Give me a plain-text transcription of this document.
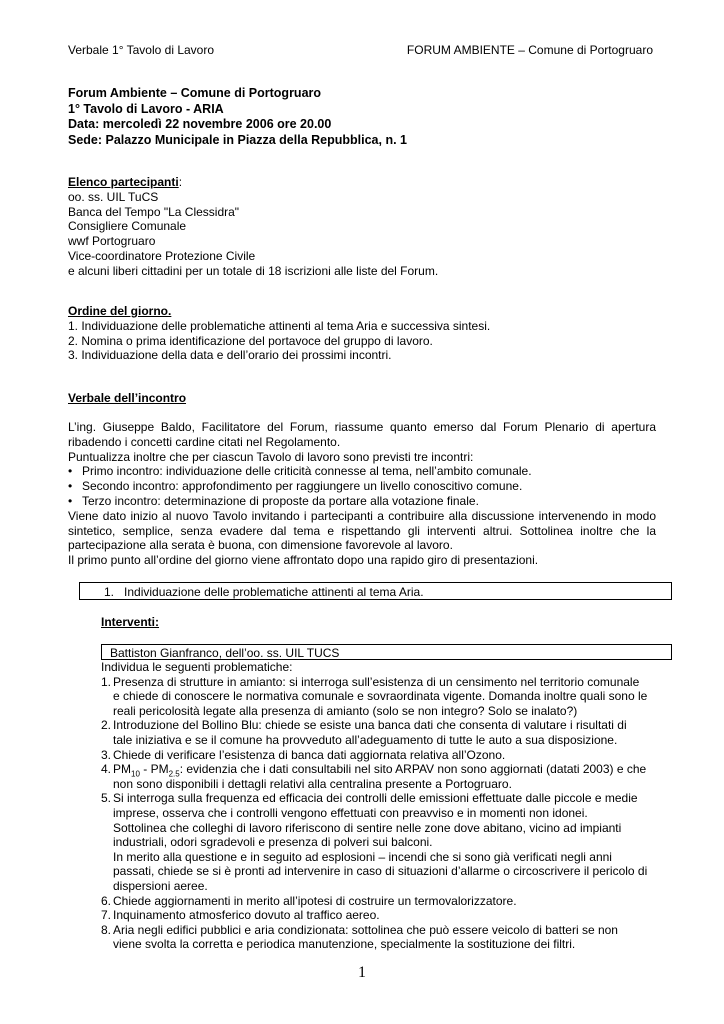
Verbale 1° Tavolo di Lavoro	FORUM AMBIENTE – Comune di Portogruaro
Forum Ambiente – Comune di Portogruaro
1° Tavolo di Lavoro - ARIA
Data: mercoledì 22 novembre 2006 ore 20.00
Sede: Palazzo Municipale in Piazza della Repubblica, n. 1
Elenco partecipanti:
oo. ss. UIL TuCS
Banca del Tempo "La Clessidra"
Consigliere Comunale
wwf Portogruaro
Vice-coordinatore Protezione Civile
e alcuni liberi cittadini per un totale di 18 iscrizioni alle liste del Forum.
Ordine del giorno.
1. Individuazione delle problematiche attinenti al tema Aria e successiva sintesi.
2. Nomina o prima identificazione del portavoce del gruppo di lavoro.
3. Individuazione della data e dell’orario dei prossimi incontri.
Verbale dell’incontro
L’ing. Giuseppe Baldo, Facilitatore del Forum, riassume quanto emerso dal Forum Plenario di apertura
ribadendo i concetti cardine citati nel Regolamento.
Puntualizza inoltre che per ciascun Tavolo di lavoro sono previsti tre incontri:
• Primo incontro: individuazione delle criticità connesse al tema, nell’ambito comunale.
• Secondo incontro: approfondimento per raggiungere un livello conoscitivo comune.
• Terzo incontro: determinazione di proposte da portare alla votazione finale.
Viene dato inizio al nuovo Tavolo invitando i partecipanti a contribuire alla discussione intervenendo in modo
sintetico, semplice, senza evadere dal tema e rispettando gli interventi altrui. Sottolinea inoltre che la
partecipazione alla serata è buona, con dimensione favorevole al lavoro.
Il primo punto all’ordine del giorno viene affrontato dopo una rapido giro di presentazioni.
1.   Individuazione delle problematiche attinenti al tema Aria.
Interventi:
Battiston Gianfranco, dell’oo. ss. UIL TUCS
Individua le seguenti problematiche:
1. Presenza di strutture in amianto: si interroga sull’esistenza di un censimento nel territorio comunale
e chiede di conoscere le normativa comunale e sovraordinata vigente. Domanda inoltre quali sono le
reali pericolosità legate alla presenza di amianto (solo se non integro? Solo se inalato?)
2. Introduzione del Bollino Blu: chiede se esiste una banca dati che consenta di valutare i risultati di
tale iniziativa e se il comune ha provveduto all’adeguamento di tutte le auto a sua disposizione.
3. Chiede di verificare l’esistenza di banca dati aggiornata relativa all’Ozono.
4. $PM_{10} - PM_{2.5}$: evidenzia che i dati consultabili nel sito ARPAV non sono aggiornati (datati 2003) e che
non sono disponibili i dettagli relativi alla centralina presente a Portogruaro.
5. Si interroga sulla frequenza ed efficacia dei controlli delle emissioni effettuate dalle piccole e medie
imprese, osserva che i controlli vengono effettuati con preavviso e in momenti non idonei.
Sottolinea che colleghi di lavoro riferiscono di sentire nelle zone dove abitano, vicino ad impianti
industriali, odori sgradevoli e presenza di polveri sui balconi.
In merito alla questione e in seguito ad esplosioni – incendi che si sono già verificati negli anni
passati, chiede se si è pronti ad intervenire in caso di situazioni d’allarme o circoscrivere il pericolo di
dispersioni aeree.
6. Chiede aggiornamenti in merito all’ipotesi di costruire un termovalorizzatore.
7. Inquinamento atmosferico dovuto al traffico aereo.
8. Aria negli edifici pubblici e aria condizionata: sottolinea che può essere veicolo di batteri se non
viene svolta la corretta e periodica manutenzione, specialmente la sostituzione dei filtri.
1
